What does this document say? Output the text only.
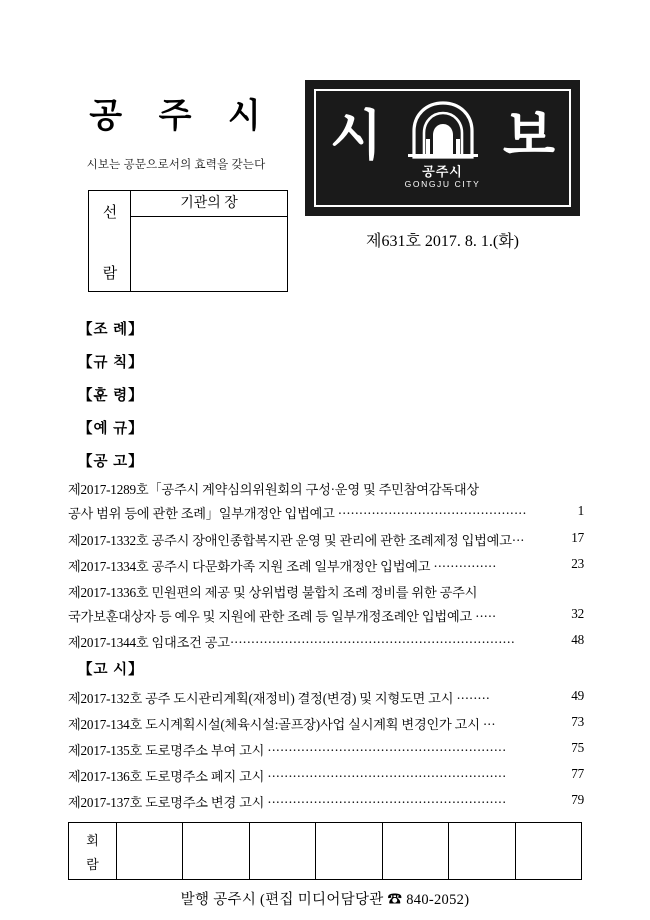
공 주 시
시보는 공문으로서의 효력을 갖는다
선
람
기관의 장
시 보
공주시
GONGJU CITY
제631호 2017. 8. 1.(화)
【조 례】
【규 칙】
【훈 령】
【예 규】
【공 고】
【고 시】
제2017-1289호「공주시 계약심의위원회의 구성·운영 및 주민참여감독대상
1
공사 범위 등에 관한 조례」일부개정안 입법예고 ·············································
17
제2017-1332호 공주시 장애인종합복지관 운영 및 관리에 관한 조례제정 입법예고···
23
제2017-1334호 공주시 다문화가족 지원 조례 일부개정안 입법예고 ···············
제2017-1336호 민원편의 제공 및 상위법령 불합치 조례 정비를 위한 공주시
32
국가보훈대상자 등 예우 및 지원에 관한 조례 등 일부개정조례안 입법예고 ·····
48
제2017-1344호 임대조건 공고····································································
49
제2017-132호 공주 도시관리계획(재정비) 결정(변경) 및 지형도면 고시 ········
73
제2017-134호 도시계획시설(체육시설:골프장)사업 실시계획 변경인가 고시 ···
75
제2017-135호 도로명주소 부여 고시 ·························································
77
제2017-136호 도로명주소 폐지 고시 ·························································
79
제2017-137호 도로명주소 변경 고시 ·························································
회
람
발행 공주시 (편집 미디어담당관 ☎ 840-2052)
